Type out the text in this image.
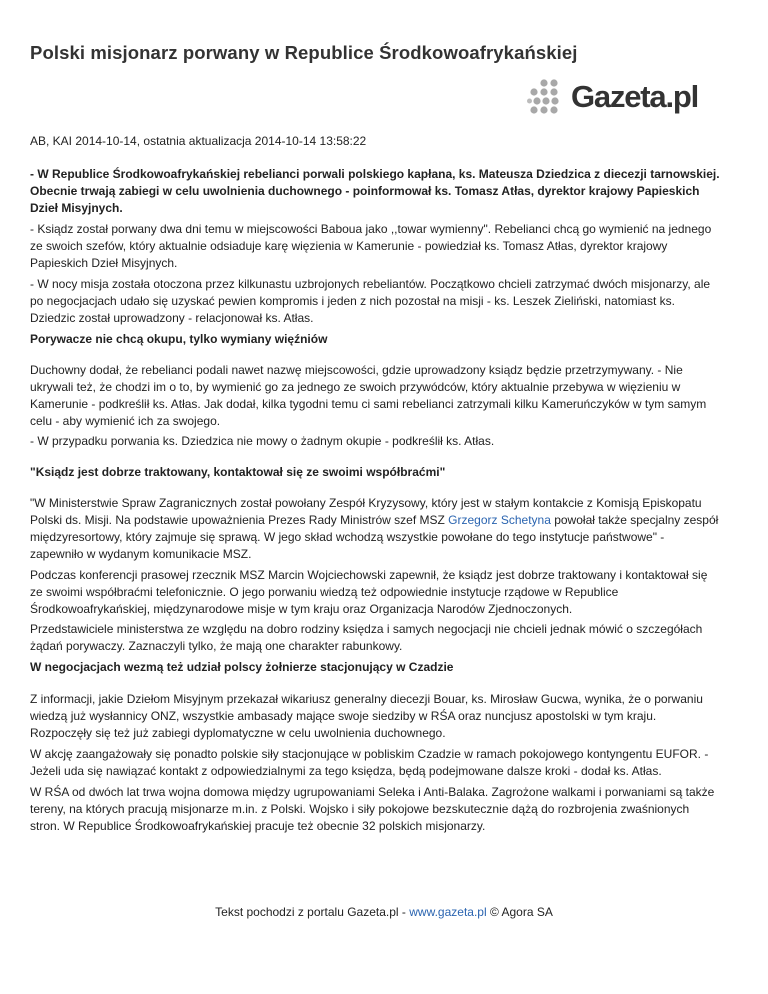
Polski misjonarz porwany w Republice Środkowoafrykańskiej
Gazeta.pl
AB, KAI 2014-10-14, ostatnia aktualizacja 2014-10-14 13:58:22

- W Republice Środkowoafrykańskiej rebelianci porwali polskiego kapłana, ks. Mateusza Dziedzica z diecezji tarnowskiej. Obecnie trwają zabiegi w celu uwolnienia duchownego - poinformował ks. Tomasz Atłas, dyrektor krajowy Papieskich Dzieł Misyjnych.

- Ksiądz został porwany dwa dni temu w miejscowości Baboua jako ,,towar wymienny". Rebelianci chcą go wymienić na jednego ze swoich szefów, który aktualnie odsiaduje karę więzienia w Kamerunie - powiedział ks. Tomasz Atłas, dyrektor krajowy Papieskich Dzieł Misyjnych.

- W nocy misja została otoczona przez kilkunastu uzbrojonych rebeliantów. Początkowo chcieli zatrzymać dwóch misjonarzy, ale po negocjacjach udało się uzyskać pewien kompromis i jeden z nich pozostał na misji - ks. Leszek Zieliński, natomiast ks. Dziedzic został uprowadzony - relacjonował ks. Atłas.

Porywacze nie chcą okupu, tylko wymiany więźniów

Duchowny dodał, że rebelianci podali nawet nazwę miejscowości, gdzie uprowadzony ksiądz będzie przetrzymywany. - Nie ukrywali też, że chodzi im o to, by wymienić go za jednego ze swoich przywódców, który aktualnie przebywa w więzieniu w Kamerunie - podkreślił ks. Atłas. Jak dodał, kilka tygodni temu ci sami rebelianci zatrzymali kilku Kameruńczyków w tym samym celu - aby wymienić ich za swojego.

- W przypadku porwania ks. Dziedzica nie mowy o żadnym okupie - podkreślił ks. Atłas.

"Ksiądz jest dobrze traktowany, kontaktował się ze swoimi współbraćmi"

"W Ministerstwie Spraw Zagranicznych został powołany Zespół Kryzysowy, który jest w stałym kontakcie z Komisją Episkopatu Polski ds. Misji. Na podstawie upoważnienia Prezes Rady Ministrów szef MSZ Grzegorz Schetyna powołał także specjalny zespół międzyresortowy, który zajmuje się sprawą. W jego skład wchodzą wszystkie powołane do tego instytucje państwowe" - zapewniło w wydanym komunikacie MSZ.

Podczas konferencji prasowej rzecznik MSZ Marcin Wojciechowski zapewnił, że ksiądz jest dobrze traktowany i kontaktował się ze swoimi współbraćmi telefonicznie. O jego porwaniu wiedzą też odpowiednie instytucje rządowe w Republice Środkowoafrykańskiej, międzynarodowe misje w tym kraju oraz Organizacja Narodów Zjednoczonych.

Przedstawiciele ministerstwa ze względu na dobro rodziny księdza i samych negocjacji nie chcieli jednak mówić o szczegółach żądań porywaczy. Zaznaczyli tylko, że mają one charakter rabunkowy.

W negocjacjach wezmą też udział polscy żołnierze stacjonujący w Czadzie

Z informacji, jakie Dziełom Misyjnym przekazał wikariusz generalny diecezji Bouar, ks. Mirosław Gucwa, wynika, że o porwaniu wiedzą już wysłannicy ONZ, wszystkie ambasady mające swoje siedziby w RŚA oraz nuncjusz apostolski w tym kraju. Rozpoczęły się też już zabiegi dyplomatyczne w celu uwolnienia duchownego.

W akcję zaangażowały się ponadto polskie siły stacjonujące w pobliskim Czadzie w ramach pokojowego kontyngentu EUFOR. - Jeżeli uda się nawiązać kontakt z odpowiedzialnymi za tego księdza, będą podejmowane dalsze kroki - dodał ks. Atłas.

W RŚA od dwóch lat trwa wojna domowa między ugrupowaniami Seleka i Anti-Balaka. Zagrożone walkami i porwaniami są także tereny, na których pracują misjonarze m.in. z Polski. Wojsko i siły pokojowe bezskutecznie dążą do rozbrojenia zwaśnionych stron. W Republice Środkowoafrykańskiej pracuje też obecnie 32 polskich misjonarzy.

Tekst pochodzi z portalu Gazeta.pl - www.gazeta.pl © Agora SA
